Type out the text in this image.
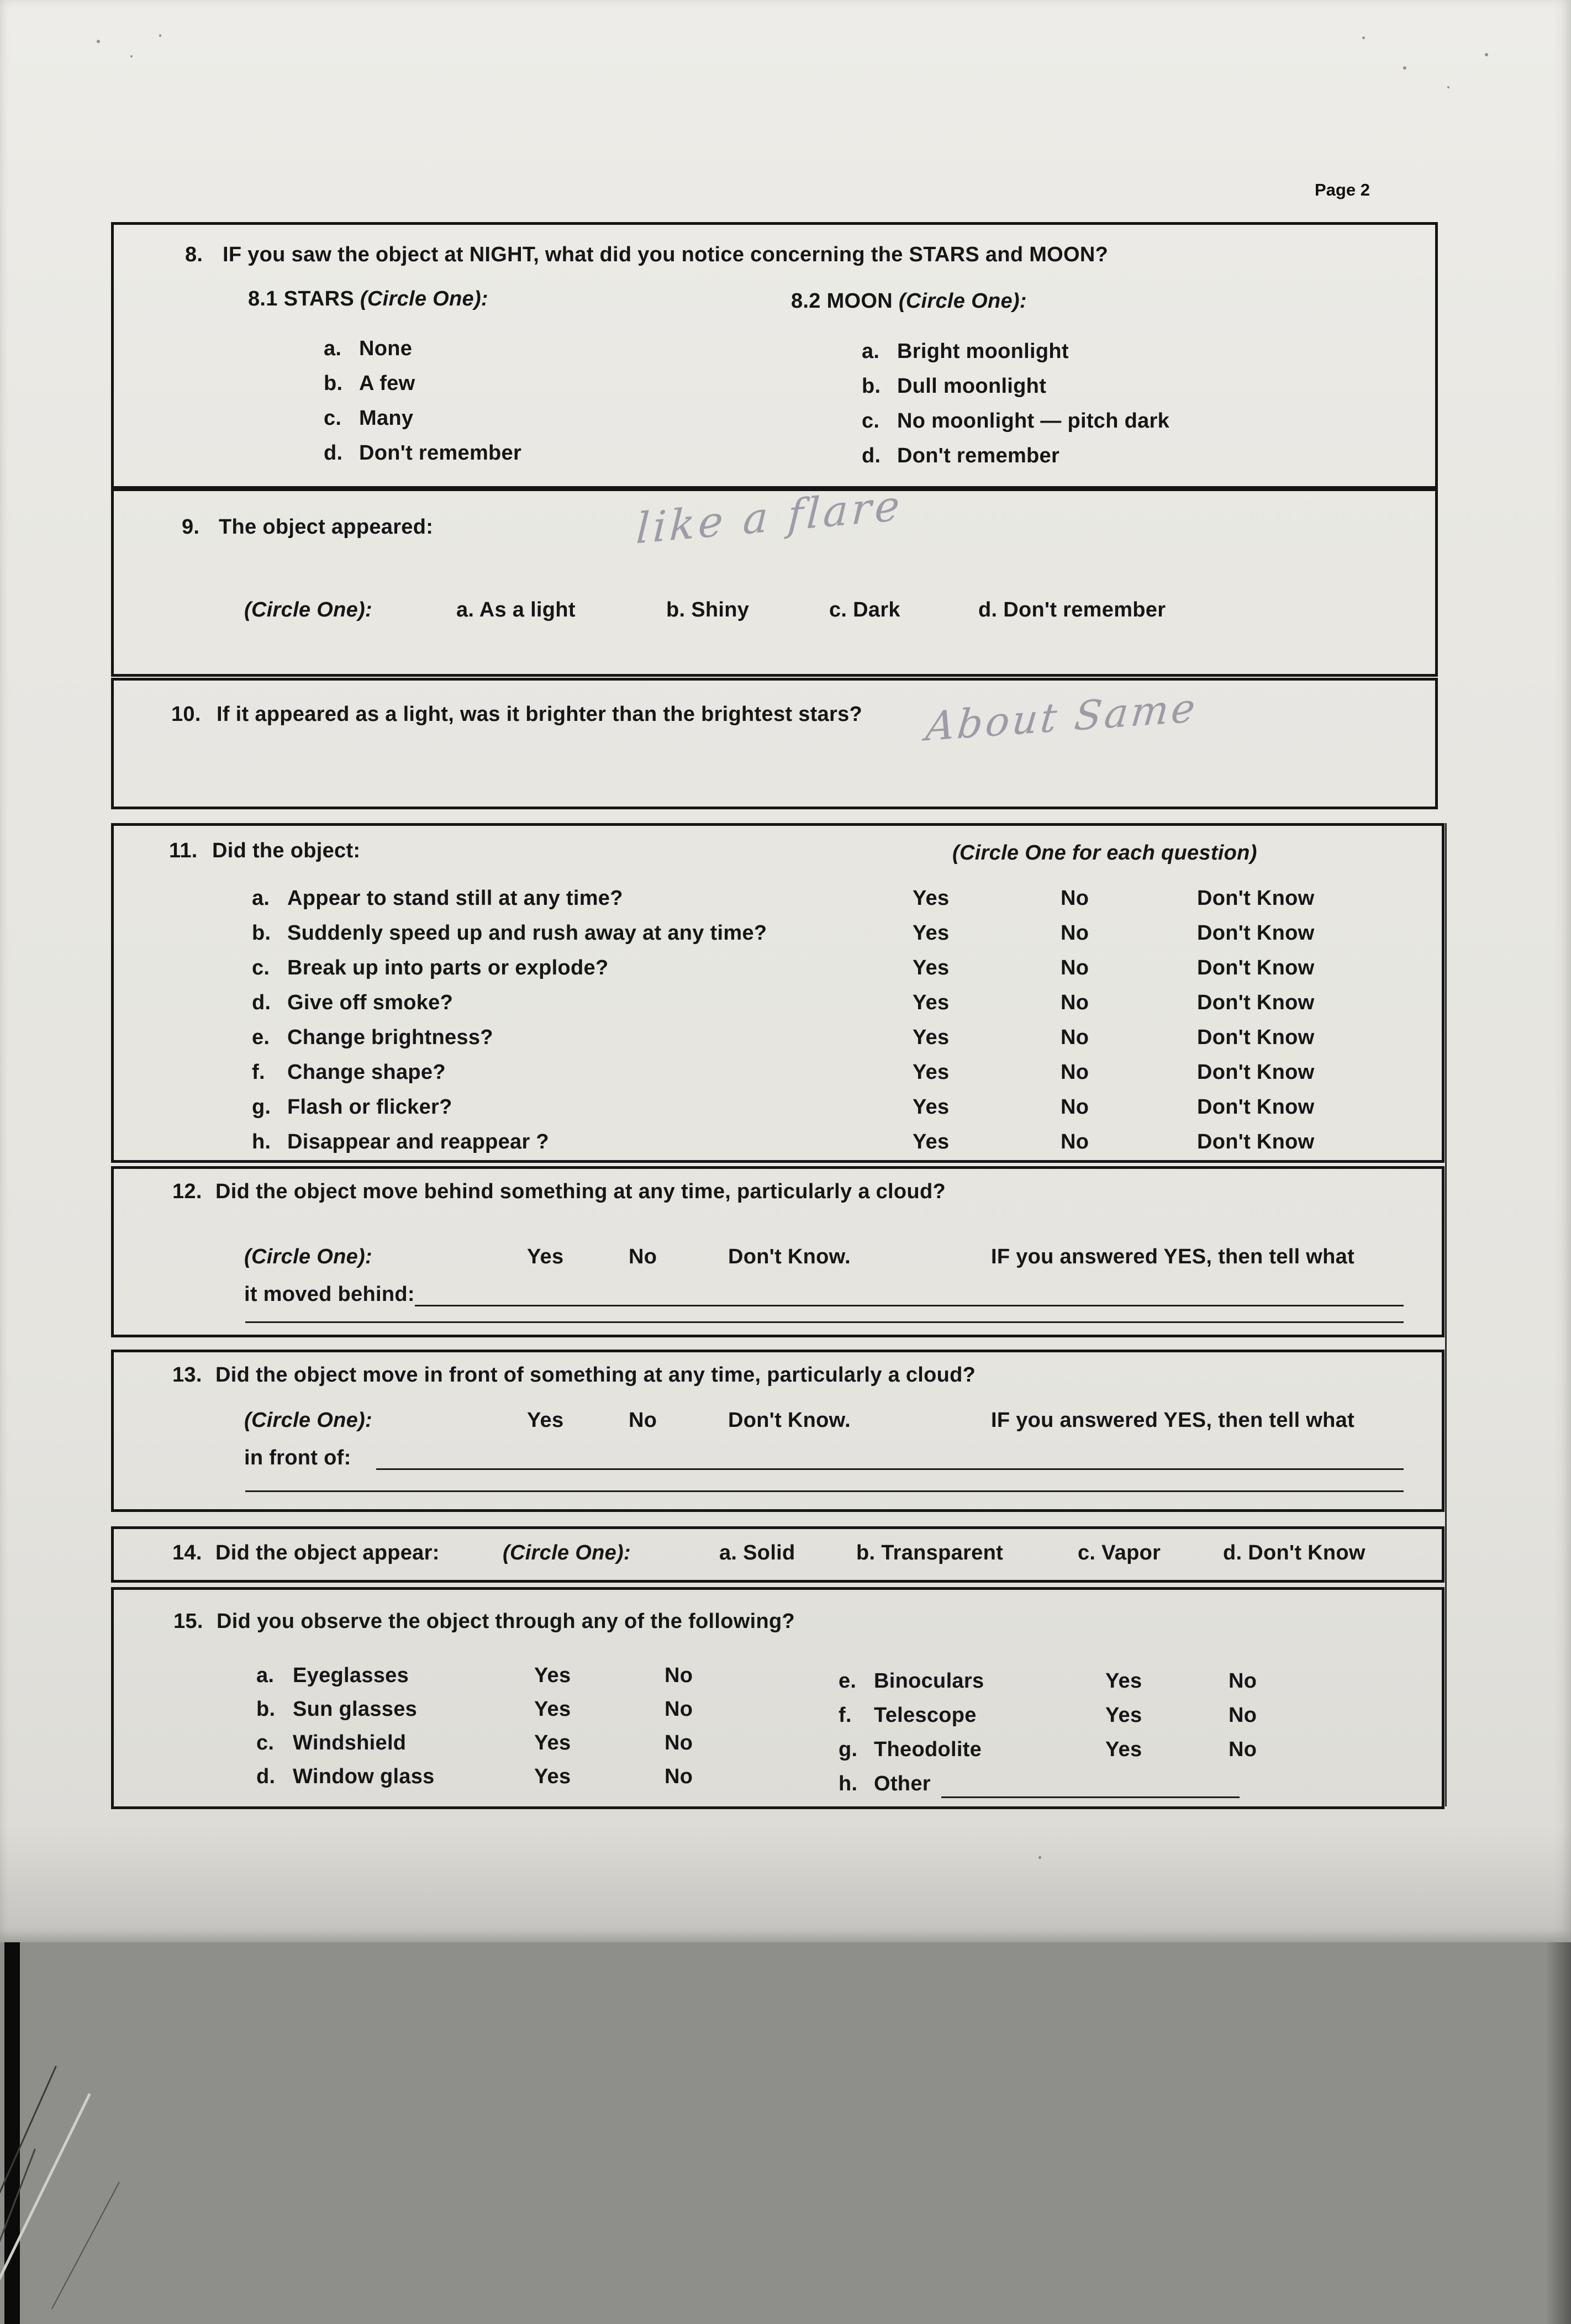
Page 2
8. IF you saw the object at NIGHT, what did you notice concerning the STARS and MOON?
8.1 STARS (Circle One):	8.2 MOON (Circle One):
a. None
b. A few
c. Many
d. Don't remember
a. Bright moonlight
b. Dull moonlight
c. No moonlight — pitch dark
d. Don't remember
9. The object appeared:	like a flare
(Circle One):	a. As a light	b. Shiny	c. Dark	d. Don't remember
10. If it appeared as a light, was it brighter than the brightest stars? About Same
11. Did the object:	(Circle One for each question)
a. Appear to stand still at any time?	Yes	No	Don't Know
b. Suddenly speed up and rush away at any time?	Yes	No	Don't Know
c. Break up into parts or explode?	Yes	No	Don't Know
d. Give off smoke?	Yes	No	Don't Know
e. Change brightness?	Yes	No	Don't Know
f. Change shape?	Yes	No	Don't Know
g. Flash or flicker?	Yes	No	Don't Know
h. Disappear and reappear ?	Yes	No	Don't Know
12. Did the object move behind something at any time, particularly a cloud?
(Circle One):	Yes	No	Don't Know.	IF you answered YES, then tell what
it moved behind:
13. Did the object move in front of something at any time, particularly a cloud?
(Circle One):	Yes	No	Don't Know.	IF you answered YES, then tell what
in front of:
14. Did the object appear:	(Circle One):	a. Solid	b. Transparent	c. Vapor	d. Don't Know
15. Did you observe the object through any of the following?
a. Eyeglasses	Yes	No
b. Sun glasses	Yes	No
c. Windshield	Yes	No
d. Window glass	Yes	No
e. Binoculars	Yes	No
f. Telescope	Yes	No
g. Theodolite	Yes	No
h. Other
